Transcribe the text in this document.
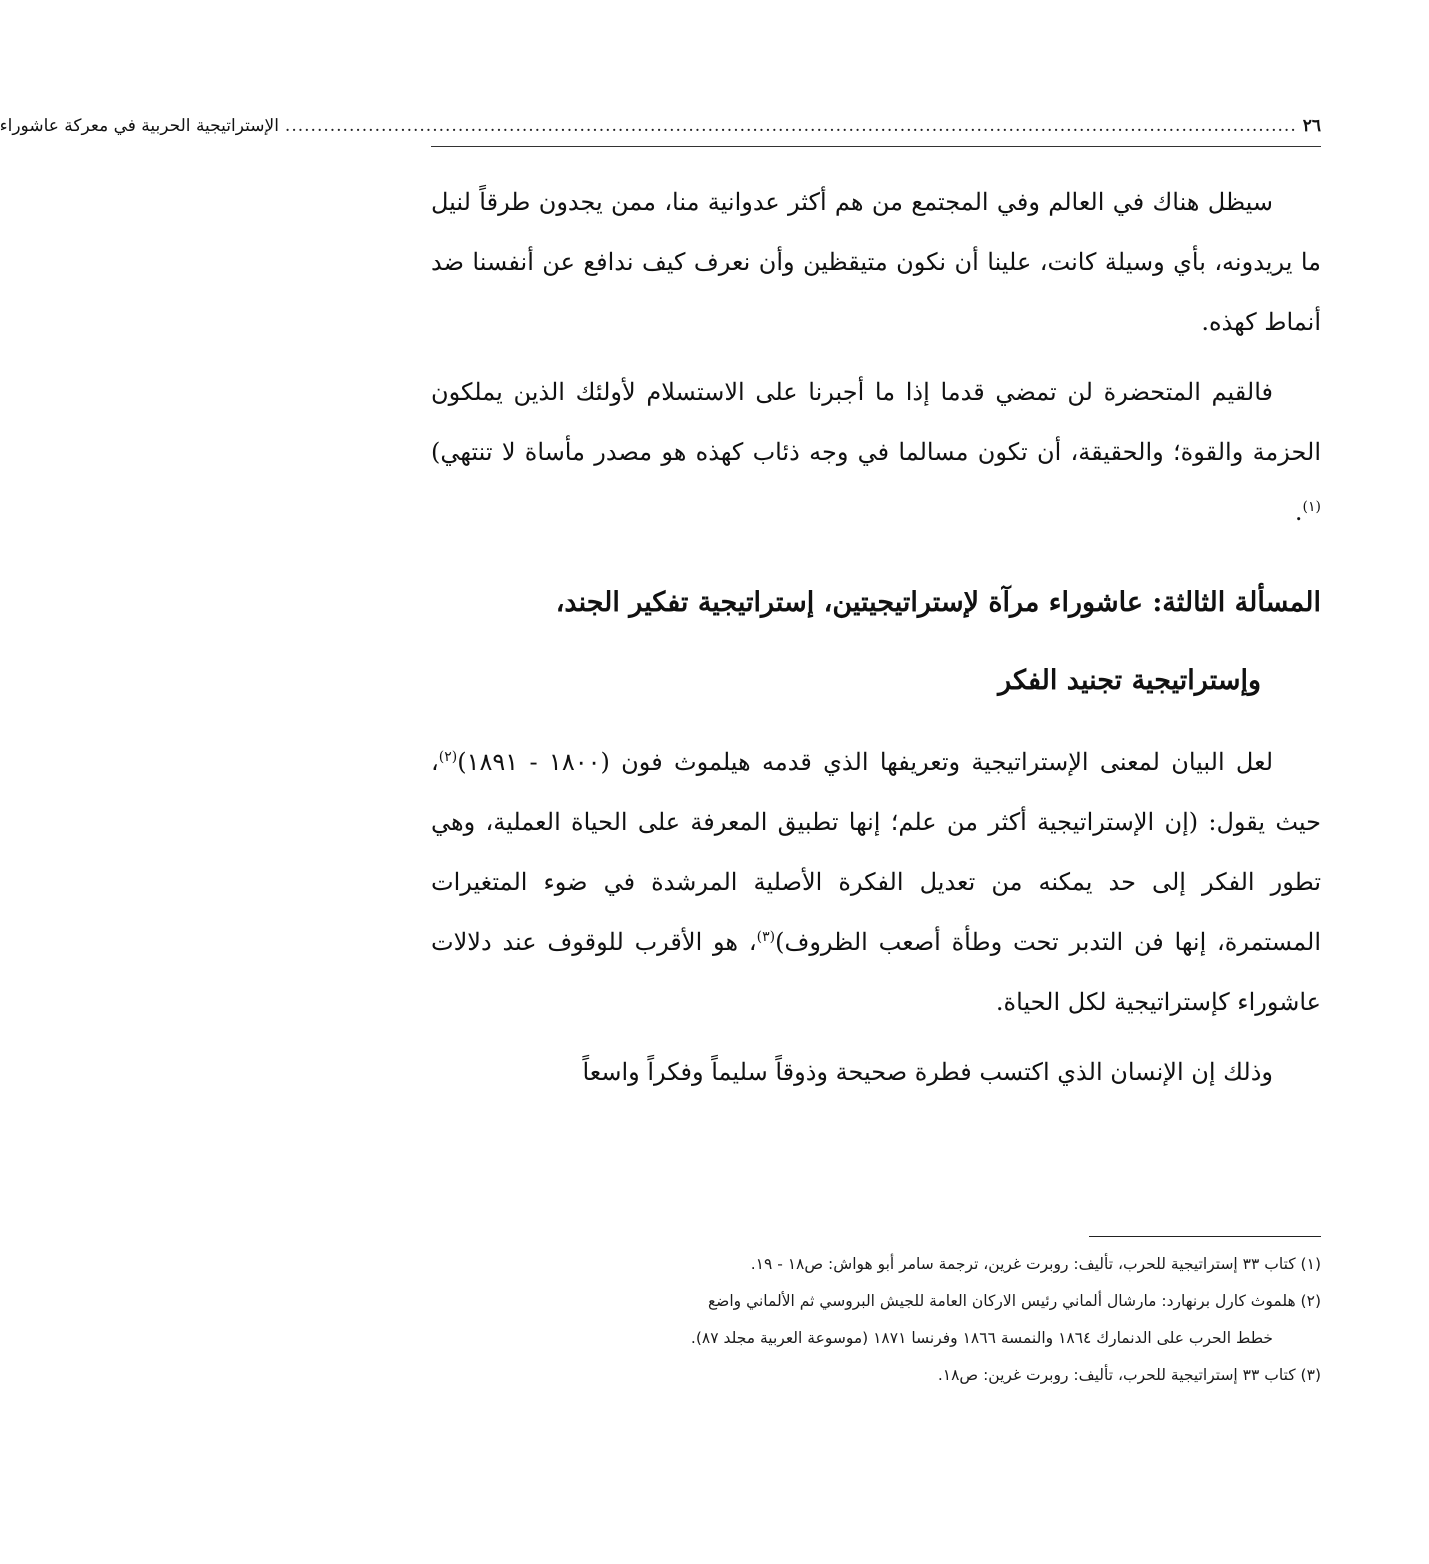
٢٦
..............................................................................................................................................................
الإستراتيجية الحربية في معركة عاشوراء

سيظل هناك في العالم وفي المجتمع من هم أكثر عدوانية منا، ممن يجدون طرقاً لنيل ما يريدونه، بأي وسيلة كانت، علينا أن نكون متيقظين وأن نعرف كيف ندافع عن أنفسنا ضد أنماط كهذه.

فالقيم المتحضرة لن تمضي قدما إذا ما أجبرنا على الاستسلام لأولئك الذين يملكون الحزمة والقوة؛ والحقيقة، أن تكون مسالما في وجه ذئاب كهذه هو مصدر مأساة لا تنتهي)$^{(١)}$.

المسألة الثالثة: عاشوراء مرآة لإستراتيجيتين، إستراتيجية تفكير الجند،
وإستراتيجية تجنيد الفكر

لعل البيان لمعنى الإستراتيجية وتعريفها الذي قدمه هيلموث فون (١٨٠٠ - ١٨٩١)$^{(٢)}$، حيث يقول: (إن الإستراتيجية أكثر من علم؛ إنها تطبيق المعرفة على الحياة العملية، وهي تطور الفكر إلى حد يمكنه من تعديل الفكرة الأصلية المرشدة في ضوء المتغيرات المستمرة، إنها فن التدبر تحت وطأة أصعب الظروف)$^{(٣)}$، هو الأقرب للوقوف عند دلالات عاشوراء كإستراتيجية لكل الحياة.

وذلك إن الإنسان الذي اكتسب فطرة صحيحة وذوقاً سليماً وفكراً واسعاً

(١) كتاب ٣٣ إستراتيجية للحرب، تأليف: روبرت غرين، ترجمة سامر أبو هواش: ص١٨ - ١٩.

(٢) هلموث كارل برنهارد: مارشال ألماني رئيس الاركان العامة للجيش البروسي ثم الألماني واضع
خطط الحرب على الدنمارك ١٨٦٤ والنمسة ١٨٦٦ وفرنسا ١٨٧١ (موسوعة العربية مجلد ٨٧).

(٣) كتاب ٣٣ إستراتيجية للحرب، تأليف: روبرت غرين: ص١٨.
